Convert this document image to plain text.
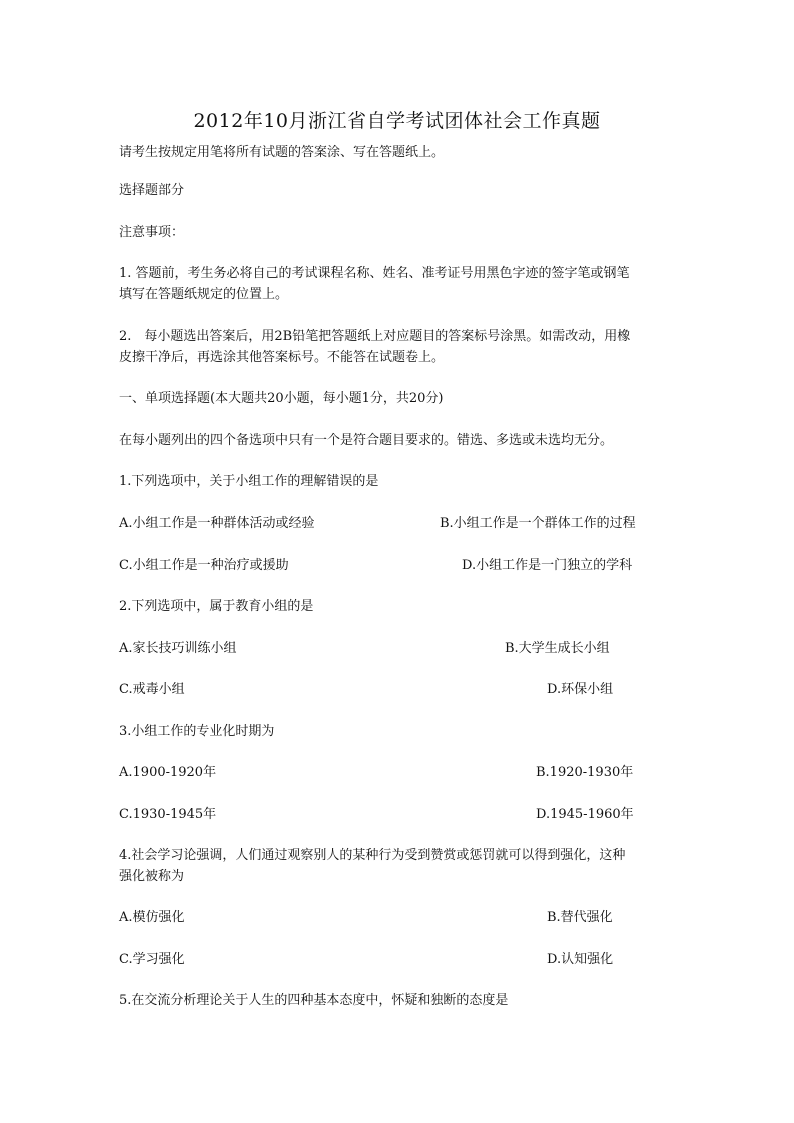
2012年10月浙江省自学考试团体社会工作真题
请考生按规定用笔将所有试题的答案涂、写在答题纸上。
选择题部分
注意事项：
1. 答题前，考生务必将自己的考试课程名称、姓名、准考证号用黑色字迹的签字笔或钢笔
填写在答题纸规定的位置上。
2.　每小题选出答案后，用2B铅笔把答题纸上对应题目的答案标号涂黑。如需改动，用橡
皮擦干净后，再选涂其他答案标号。不能答在试题卷上。
一、单项选择题(本大题共20小题，每小题1分，共20分)
在每小题列出的四个备选项中只有一个是符合题目要求的。错选、多选或未选均无分。
1.下列选项中，关于小组工作的理解错误的是
A.小组工作是一种群体活动或经验	B.小组工作是一个群体工作的过程
C.小组工作是一种治疗或援助	D.小组工作是一门独立的学科
2.下列选项中，属于教育小组的是
A.家长技巧训练小组	B.大学生成长小组
C.戒毒小组	D.环保小组
3.小组工作的专业化时期为
A.1900-1920年	B.1920-1930年
C.1930-1945年	D.1945-1960年
4.社会学习论强调，人们通过观察别人的某种行为受到赞赏或惩罚就可以得到强化，这种
强化被称为
A.模仿强化	B.替代强化
C.学习强化	D.认知强化
5.在交流分析理论关于人生的四种基本态度中，怀疑和独断的态度是
